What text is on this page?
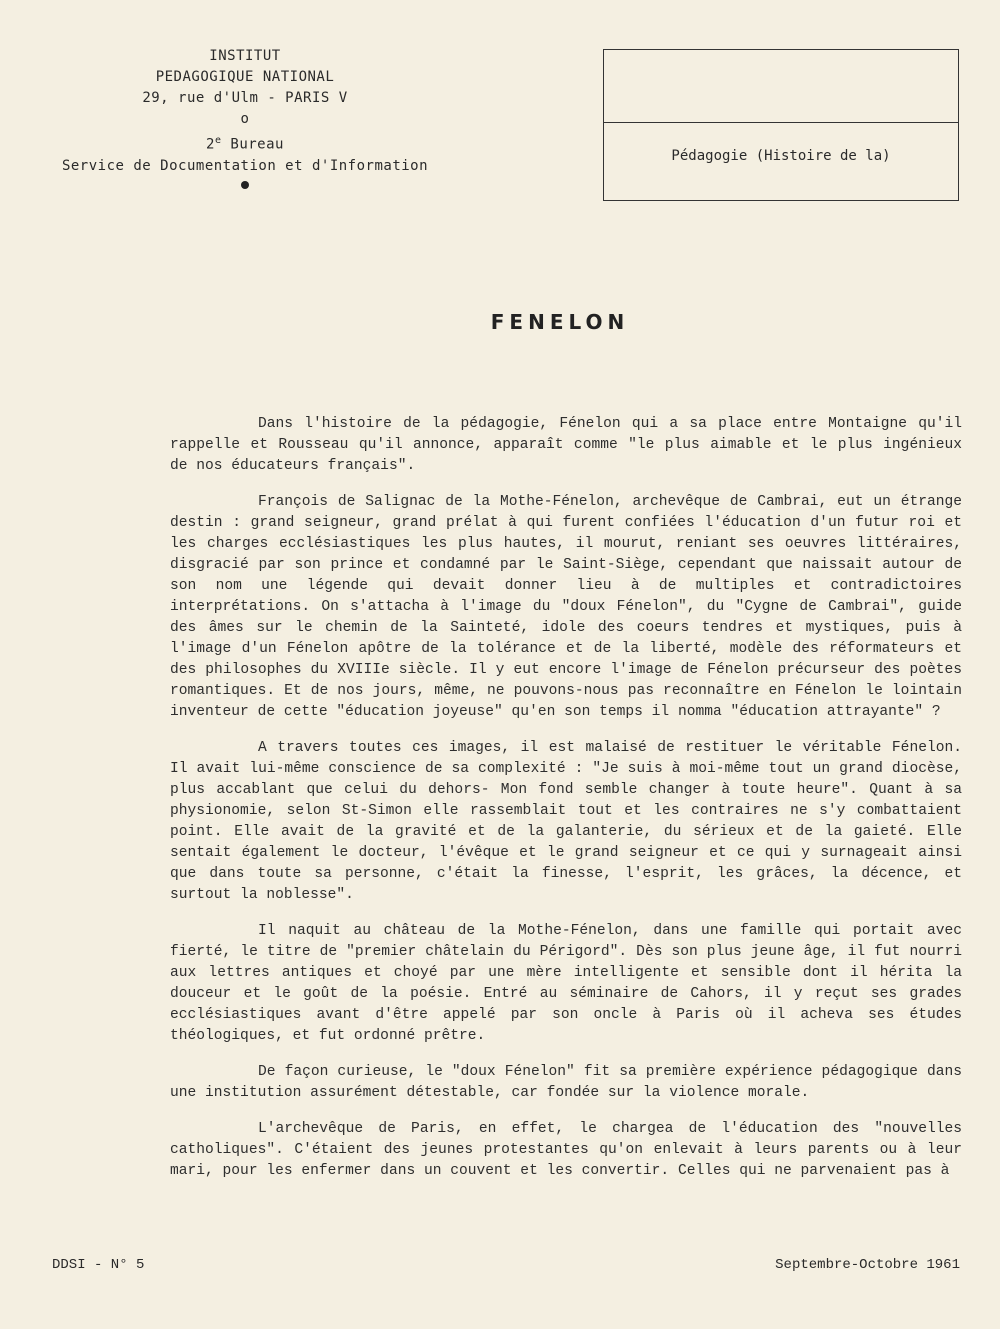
INSTITUT
PEDAGOGIQUE NATIONAL
29, rue d'Ulm - PARIS V
o
2e Bureau
Service de Documentation et d'Information
Pédagogie (Histoire de la)
FENELON

Dans l'histoire de la pédagogie, Fénelon qui a sa place entre Montaigne qu'il rappelle et Rousseau qu'il annonce, apparaît comme "le plus aimable et le plus ingénieux de nos éducateurs français".

François de Salignac de la Mothe-Fénelon, archevêque de Cambrai, eut un étrange destin : grand seigneur, grand prélat à qui furent confiées l'éducation d'un futur roi et les charges ecclésiastiques les plus hautes, il mourut, reniant ses oeuvres littéraires, disgracié par son prince et condamné par le Saint-Siège, cependant que naissait autour de son nom une légende qui devait donner lieu à de multiples et contradictoires interprétations. On s'attacha à l'image du "doux Fénelon", du "Cygne de Cambrai", guide des âmes sur le chemin de la Sainteté, idole des coeurs tendres et mystiques, puis à l'image d'un Fénelon apôtre de la tolérance et de la liberté, modèle des réformateurs et des philosophes du XVIIIe siècle. Il y eut encore l'image de Fénelon précurseur des poètes romantiques. Et de nos jours, même, ne pouvons-nous pas reconnaître en Fénelon le lointain inventeur de cette "éducation joyeuse" qu'en son temps il nomma "éducation attrayante" ?

A travers toutes ces images, il est malaisé de restituer le véritable Fénelon. Il avait lui-même conscience de sa complexité : "Je suis à moi-même tout un grand diocèse, plus accablant que celui du dehors- Mon fond semble changer à toute heure". Quant à sa physionomie, selon St-Simon elle rassemblait tout et les contraires ne s'y combattaient point. Elle avait de la gravité et de la galanterie, du sérieux et de la gaieté. Elle sentait également le docteur, l'évêque et le grand seigneur et ce qui y surnageait ainsi que dans toute sa personne, c'était la finesse, l'esprit, les grâces, la décence, et surtout la noblesse".

Il naquit au château de la Mothe-Fénelon, dans une famille qui portait avec fierté, le titre de "premier châtelain du Périgord". Dès son plus jeune âge, il fut nourri aux lettres antiques et choyé par une mère intelligente et sensible dont il hérita la douceur et le goût de la poésie. Entré au séminaire de Cahors, il y reçut ses grades ecclésiastiques avant d'être appelé par son oncle à Paris où il acheva ses études théologiques, et fut ordonné prêtre.

De façon curieuse, le "doux Fénelon" fit sa première expérience pédagogique dans une institution assurément détestable, car fondée sur la violence morale.

L'archevêque de Paris, en effet, le chargea de l'éducation des "nouvelles catholiques". C'étaient des jeunes protestantes qu'on enlevait à leurs parents ou à leur mari, pour les enfermer dans un couvent et les convertir. Celles qui ne parvenaient pas à

DDSI - N° 5	Septembre-Octobre 1961
